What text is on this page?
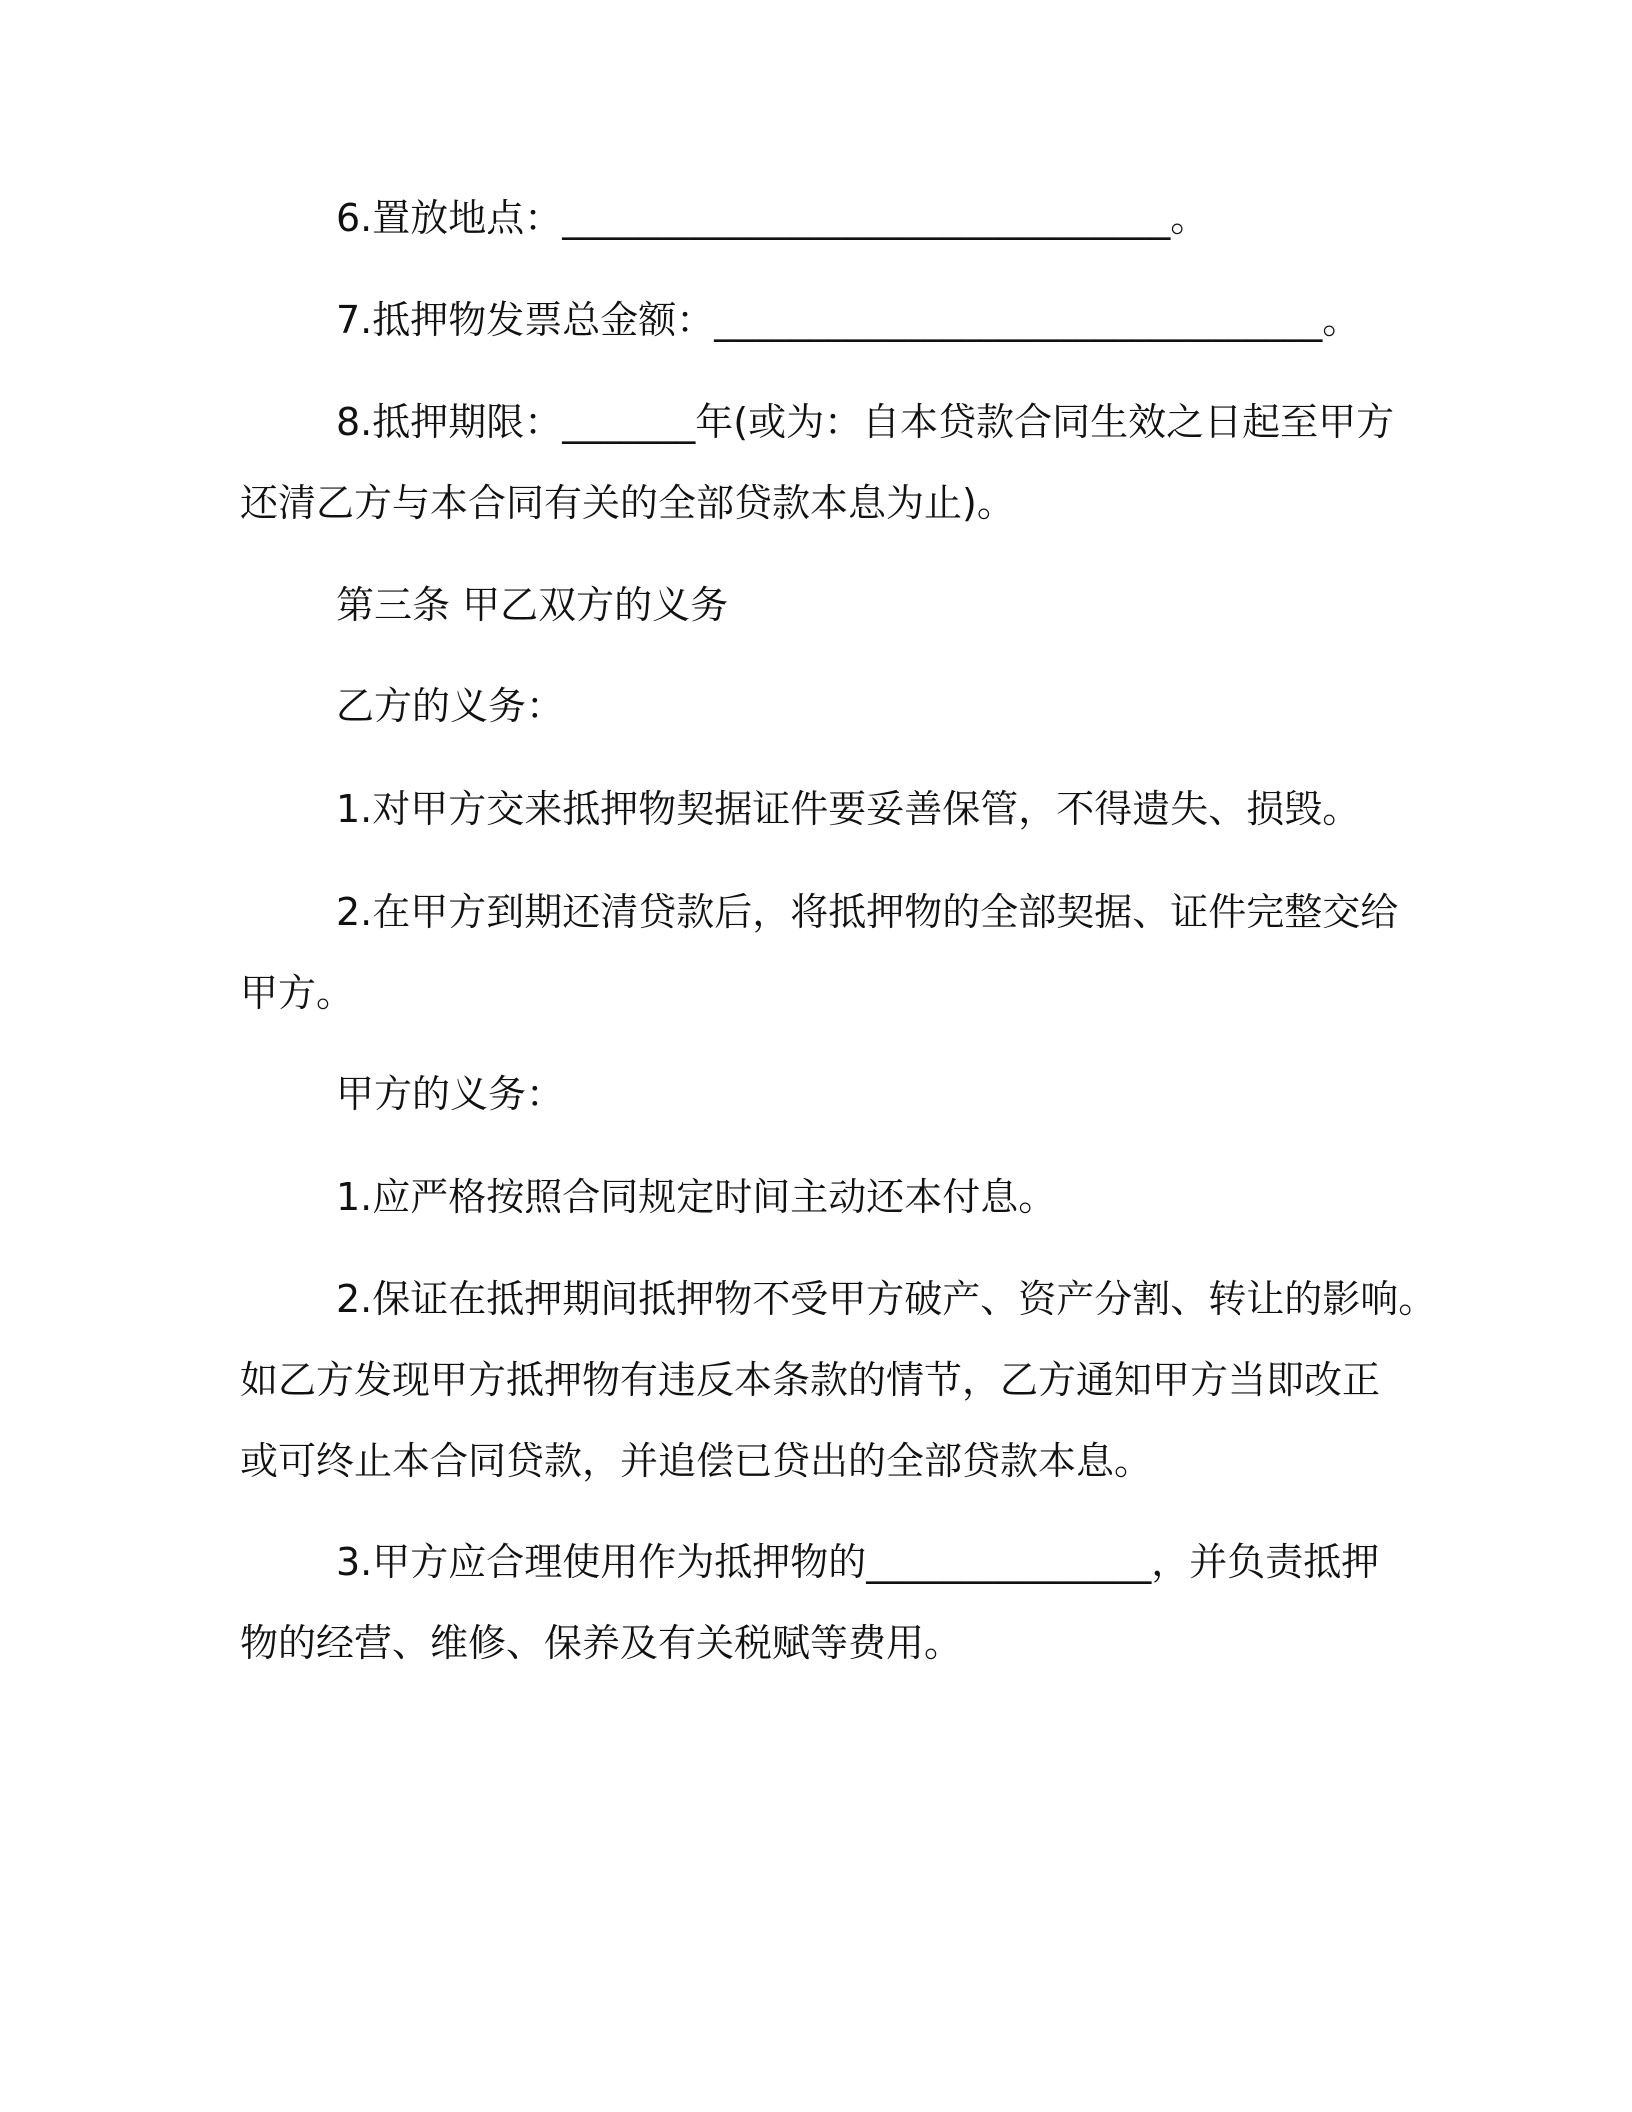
6.置放地点：________________________________。

7.抵押物发票总金额：________________________________。

8.抵押期限：_______年(或为：自本贷款合同生效之日起至甲方
还清乙方与本合同有关的全部贷款本息为止)。

第三条 甲乙双方的义务

乙方的义务：

1.对甲方交来抵押物契据证件要妥善保管，不得遗失、损毁。

2.在甲方到期还清贷款后，将抵押物的全部契据、证件完整交给
甲方。

甲方的义务：

1.应严格按照合同规定时间主动还本付息。

2.保证在抵押期间抵押物不受甲方破产、资产分割、转让的影响。
如乙方发现甲方抵押物有违反本条款的情节，乙方通知甲方当即改正
或可终止本合同贷款，并追偿已贷出的全部贷款本息。

3.甲方应合理使用作为抵押物的_______________，并负责抵押
物的经营、维修、保养及有关税赋等费用。
